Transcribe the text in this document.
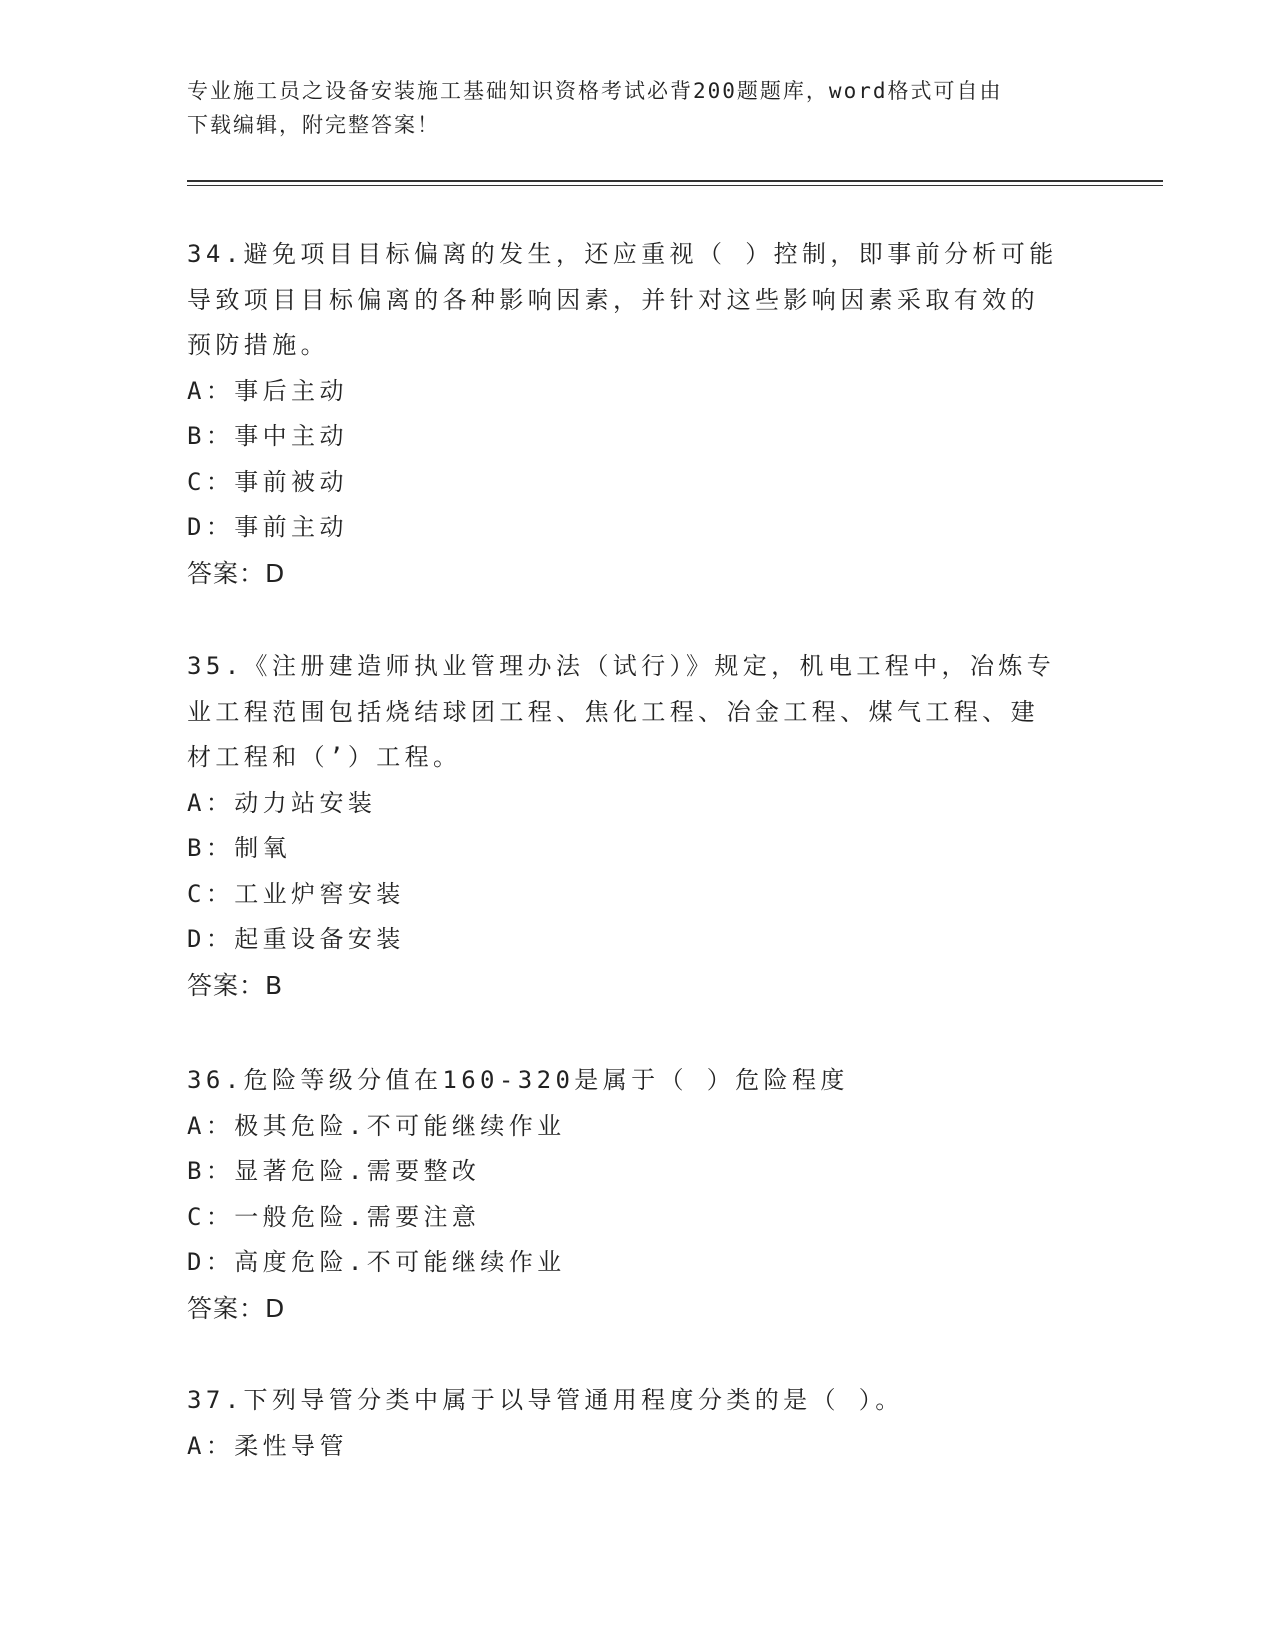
专业施工员之设备安装施工基础知识资格考试必背200题题库，word格式可自由
下载编辑，附完整答案！
34.避免项目目标偏离的发生，还应重视（ ）控制，即事前分析可能
导致项目目标偏离的各种影响因素，并针对这些影响因素采取有效的
预防措施。
A：事后主动
B：事中主动
C：事前被动
D：事前主动
答案：D
35.《注册建造师执业管理办法（试行）》规定，机电工程中，冶炼专
业工程范围包括烧结球团工程、焦化工程、冶金工程、煤气工程、建
材工程和（’）工程。
A：动力站安装
B：制氧
C：工业炉窖安装
D：起重设备安装
答案：B
36.危险等级分值在160-320是属于（ ）危险程度
A：极其危险.不可能继续作业
B：显著危险.需要整改
C：一般危险.需要注意
D：高度危险.不可能继续作业
答案：D
37.下列导管分类中属于以导管通用程度分类的是（ ）。
A：柔性导管
